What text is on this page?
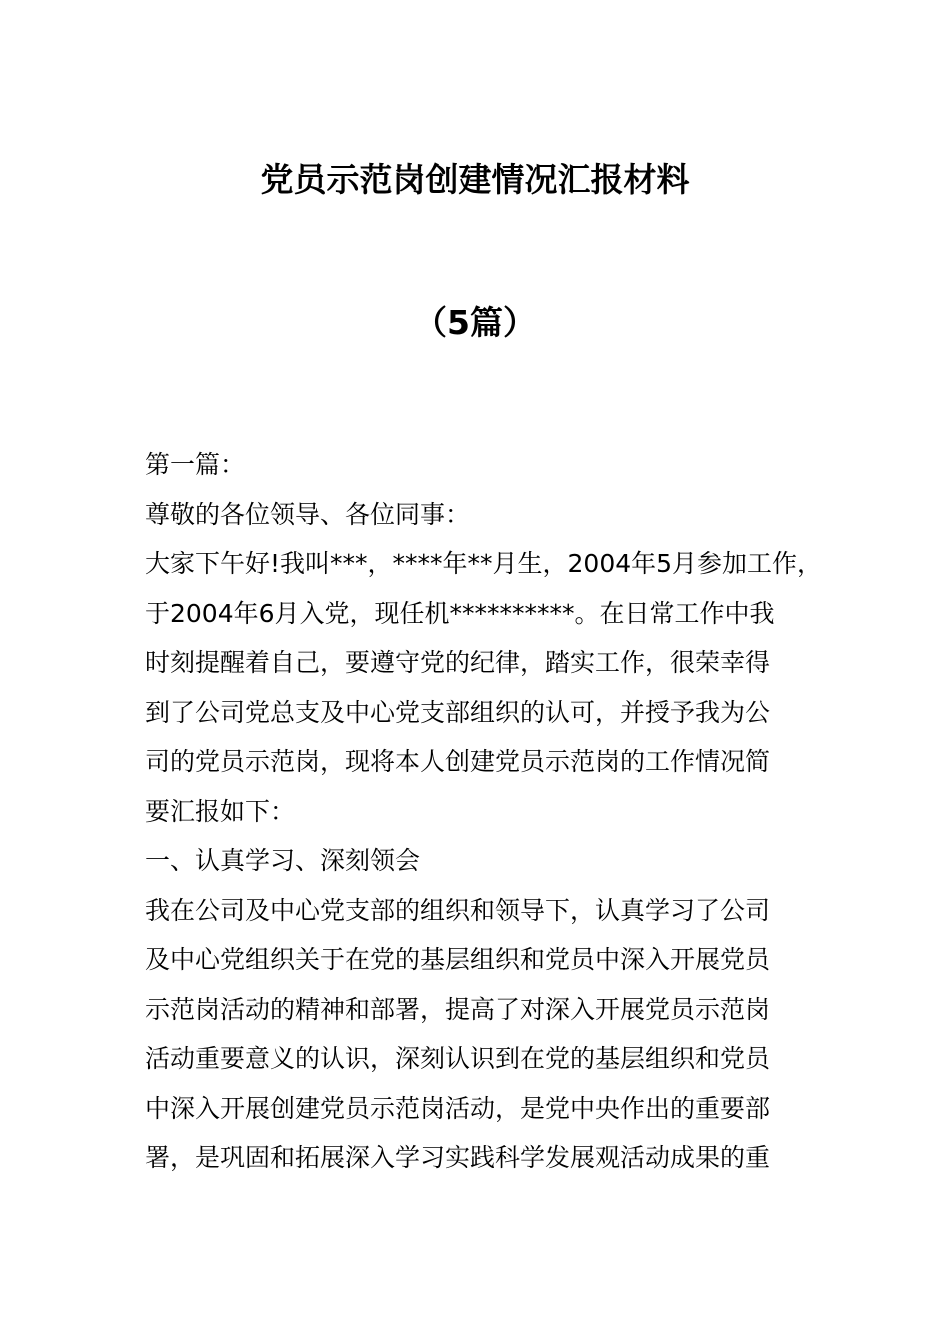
党员示范岗创建情况汇报材料
（5篇）

第一篇：

尊敬的各位领导、各位同事：

大家下午好!我叫***，****年**月生，2004年5月参加工作，

于2004年6月入党，现任机**********。在日常工作中我

时刻提醒着自己，要遵守党的纪律，踏实工作，很荣幸得

到了公司党总支及中心党支部组织的认可，并授予我为公

司的党员示范岗，现将本人创建党员示范岗的工作情况简

要汇报如下：

一、认真学习、深刻领会

我在公司及中心党支部的组织和领导下，认真学习了公司

及中心党组织关于在党的基层组织和党员中深入开展党员

示范岗活动的精神和部署，提高了对深入开展党员示范岗

活动重要意义的认识，深刻认识到在党的基层组织和党员

中深入开展创建党员示范岗活动，是党中央作出的重要部

署，是巩固和拓展深入学习实践科学发展观活动成果的重
